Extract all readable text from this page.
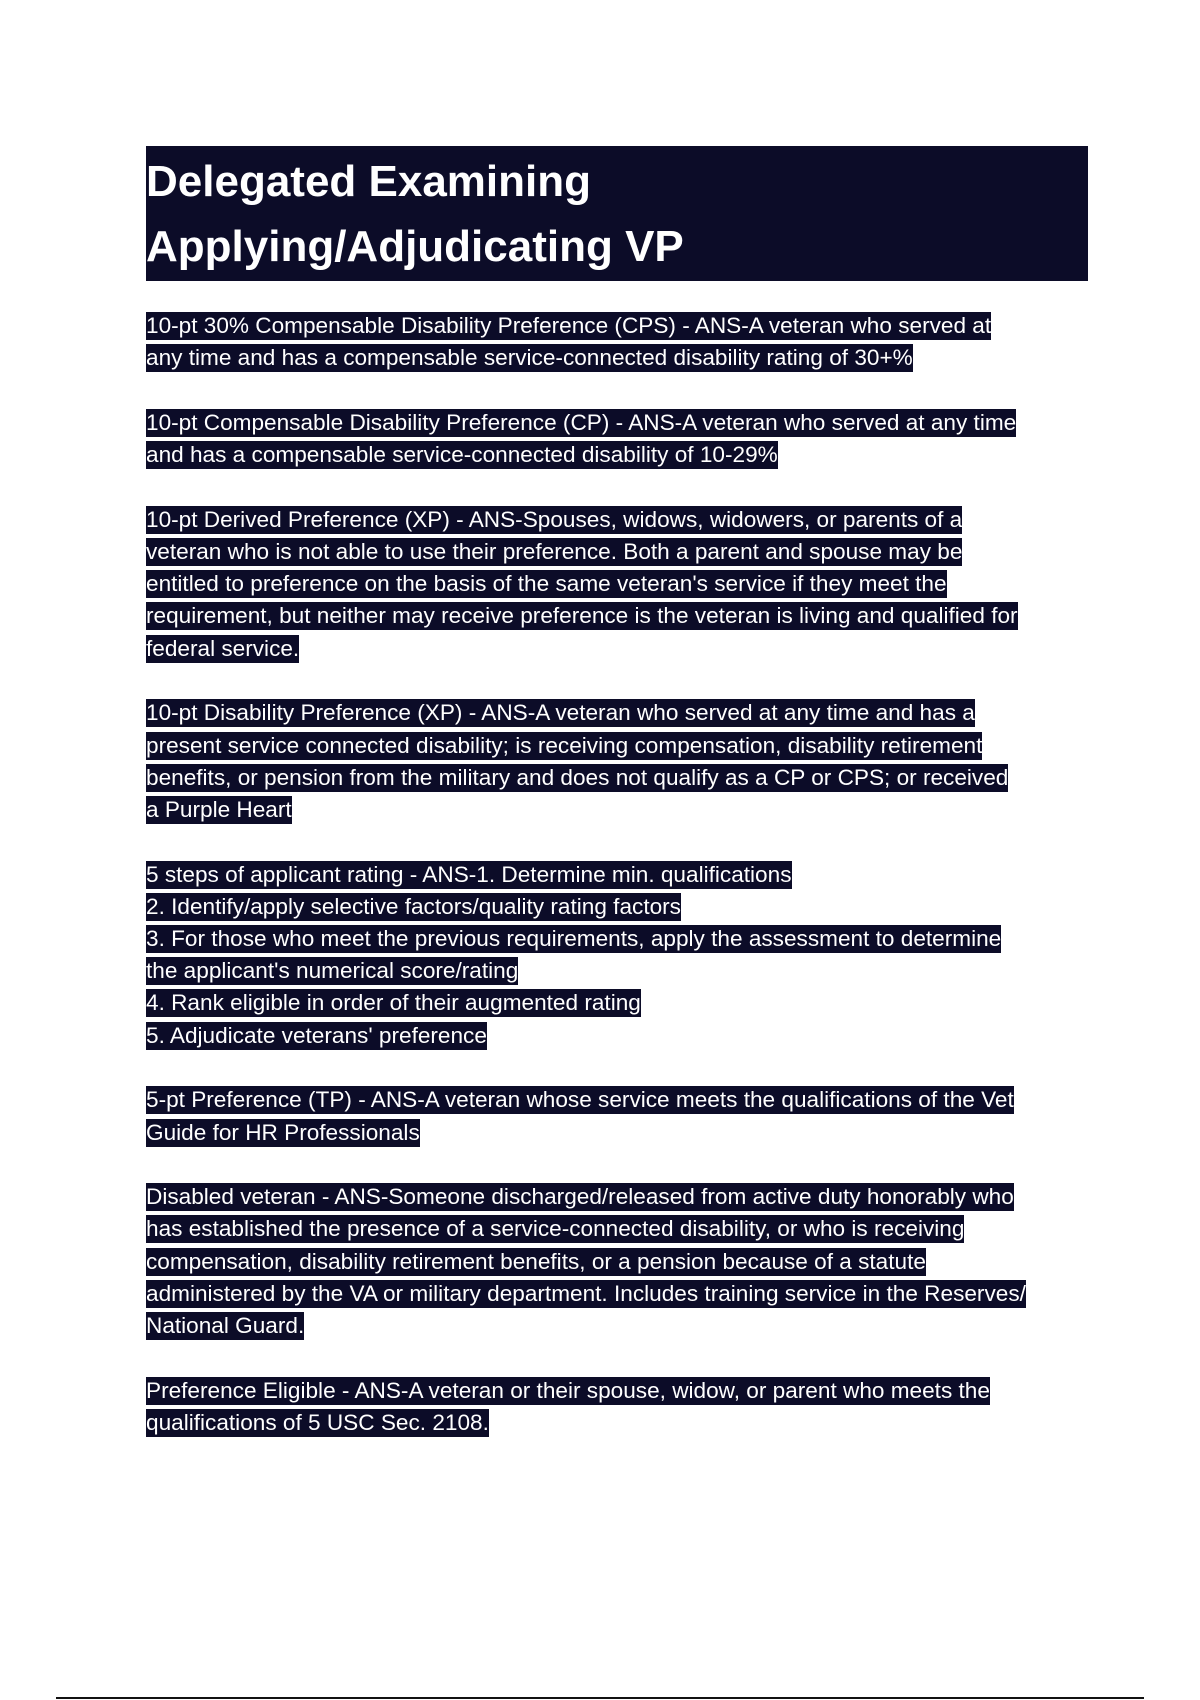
Delegated Examining
Applying/Adjudicating VP
10-pt 30% Compensable Disability Preference (CPS) - ANS-A veteran who served at
any time and has a compensable service-connected disability rating of 30+%
10-pt Compensable Disability Preference (CP) - ANS-A veteran who served at any time
and has a compensable service-connected disability of 10-29%
10-pt Derived Preference (XP) - ANS-Spouses, widows, widowers, or parents of a
veteran who is not able to use their preference. Both a parent and spouse may be
entitled to preference on the basis of the same veteran's service if they meet the
requirement, but neither may receive preference is the veteran is living and qualified for
federal service.
10-pt Disability Preference (XP) - ANS-A veteran who served at any time and has a
present service connected disability; is receiving compensation, disability retirement
benefits, or pension from the military and does not qualify as a CP or CPS; or received
a Purple Heart
5 steps of applicant rating - ANS-1. Determine min. qualifications
2. Identify/apply selective factors/quality rating factors
3. For those who meet the previous requirements, apply the assessment to determine
the applicant's numerical score/rating
4. Rank eligible in order of their augmented rating
5. Adjudicate veterans' preference
5-pt Preference (TP) - ANS-A veteran whose service meets the qualifications of the Vet
Guide for HR Professionals
Disabled veteran - ANS-Someone discharged/released from active duty honorably who
has established the presence of a service-connected disability, or who is receiving
compensation, disability retirement benefits, or a pension because of a statute
administered by the VA or military department. Includes training service in the Reserves/
National Guard.
Preference Eligible - ANS-A veteran or their spouse, widow, or parent who meets the
qualifications of 5 USC Sec. 2108.
